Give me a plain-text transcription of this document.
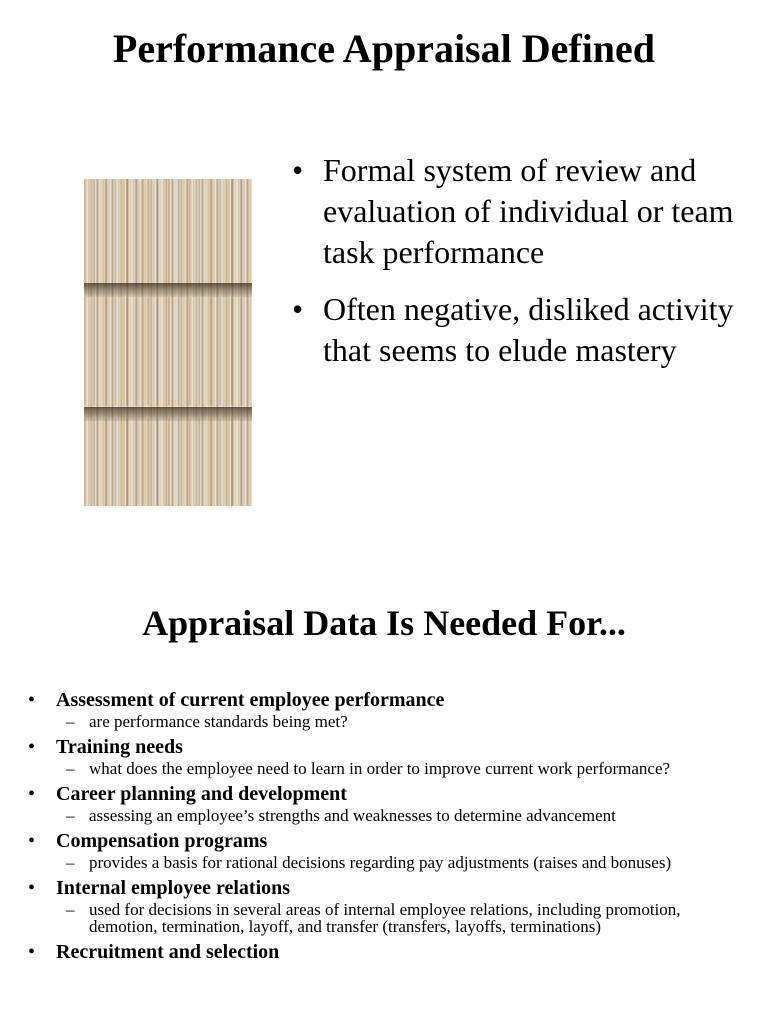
Performance Appraisal Defined
• Formal system of review and evaluation of individual or team task performance
• Often negative, disliked activity that seems to elude mastery
Appraisal Data Is Needed For...
• Assessment of current employee performance
– are performance standards being met?
• Training needs
– what does the employee need to learn in order to improve current work performance?
• Career planning and development
– assessing an employee’s strengths and weaknesses to determine advancement
• Compensation programs
– provides a basis for rational decisions regarding pay adjustments (raises and bonuses)
• Internal employee relations
– used for decisions in several areas of internal employee relations, including promotion, demotion, termination, layoff, and transfer (transfers, layoffs, terminations)
• Recruitment and selection
